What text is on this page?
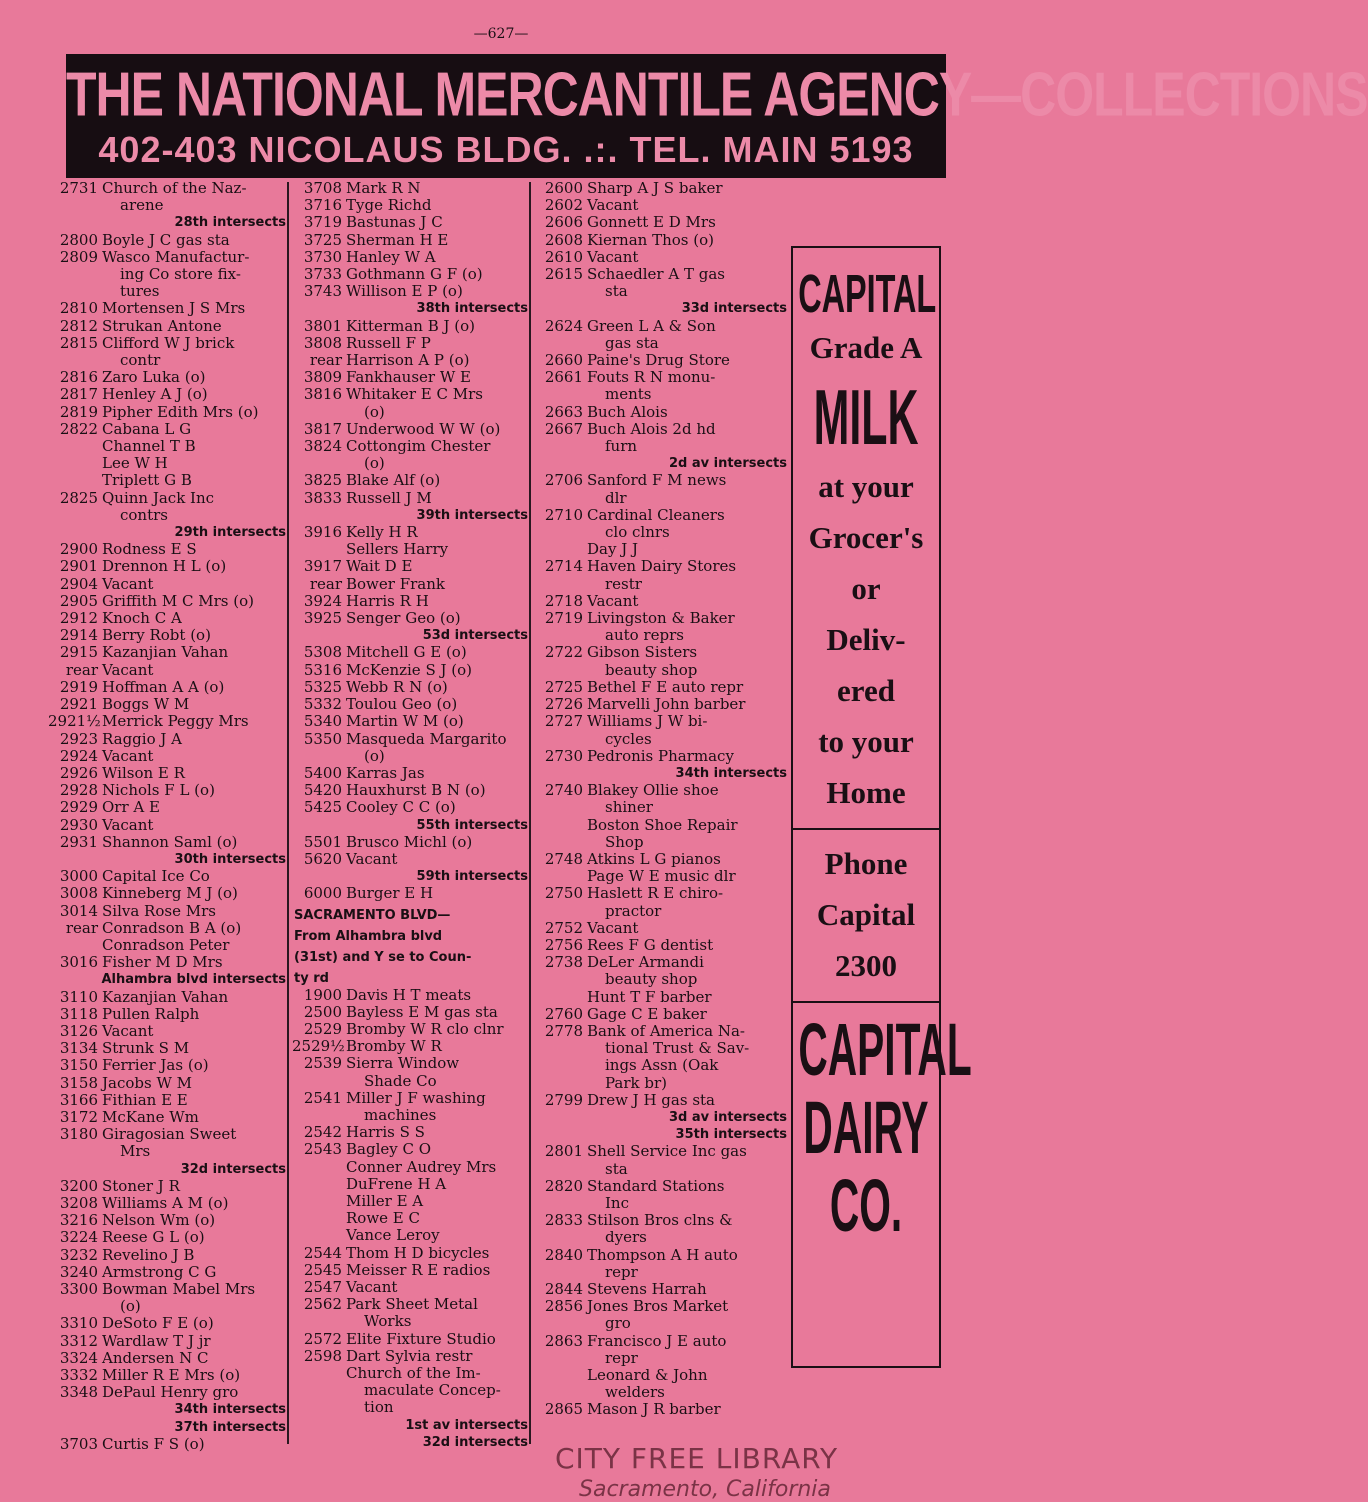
—627—
THE NATIONAL MERCANTILE AGENCY—COLLECTIONS
402-403 NICOLAUS BLDG. .:. TEL. MAIN 5193
2731 Church of the Naz-
arene
28th intersects
2800 Boyle J C gas sta
2809 Wasco Manufactur-
ing Co store fix-
tures
2810 Mortensen J S Mrs
2812 Strukan Antone
2815 Clifford W J brick
contr
2816 Zaro Luka (o)
2817 Henley A J (o)
2819 Pipher Edith Mrs (o)
2822 Cabana L G
Channel T B
Lee W H
Triplett G B
2825 Quinn Jack Inc
contrs
29th intersects
2900 Rodness E S
2901 Drennon H L (o)
2904 Vacant
2905 Griffith M C Mrs (o)
2912 Knoch C A
2914 Berry Robt (o)
2915 Kazanjian Vahan
rear Vacant
2919 Hoffman A A (o)
2921 Boggs W M
2921½ Merrick Peggy Mrs
2923 Raggio J A
2924 Vacant
2926 Wilson E R
2928 Nichols F L (o)
2929 Orr A E
2930 Vacant
2931 Shannon Saml (o)
30th intersects
3000 Capital Ice Co
3008 Kinneberg M J (o)
3014 Silva Rose Mrs
rear Conradson B A (o)
Conradson Peter
3016 Fisher M D Mrs
Alhambra blvd intersects
3110 Kazanjian Vahan
3118 Pullen Ralph
3126 Vacant
3134 Strunk S M
3150 Ferrier Jas (o)
3158 Jacobs W M
3166 Fithian E E
3172 McKane Wm
3180 Giragosian Sweet
Mrs
32d intersects
3200 Stoner J R
3208 Williams A M (o)
3216 Nelson Wm (o)
3224 Reese G L (o)
3232 Revelino J B
3240 Armstrong C G
3300 Bowman Mabel Mrs
(o)
3310 DeSoto F E (o)
3312 Wardlaw T J jr
3324 Andersen N C
3332 Miller R E Mrs (o)
3348 DePaul Henry gro
34th intersects
37th intersects
3703 Curtis F S (o)
3708 Mark R N
3716 Tyge Richd
3719 Bastunas J C
3725 Sherman H E
3730 Hanley W A
3733 Gothmann G F (o)
3743 Willison E P (o)
38th intersects
3801 Kitterman B J (o)
3808 Russell F P
rear Harrison A P (o)
3809 Fankhauser W E
3816 Whitaker E C Mrs
(o)
3817 Underwood W W (o)
3824 Cottongim Chester
(o)
3825 Blake Alf (o)
3833 Russell J M
39th intersects
3916 Kelly H R
Sellers Harry
3917 Wait D E
rear Bower Frank
3924 Harris R H
3925 Senger Geo (o)
53d intersects
5308 Mitchell G E (o)
5316 McKenzie S J (o)
5325 Webb R N (o)
5332 Toulou Geo (o)
5340 Martin W M (o)
5350 Masqueda Margarito
(o)
5400 Karras Jas
5420 Hauxhurst B N (o)
5425 Cooley C C (o)
55th intersects
5501 Brusco Michl (o)
5620 Vacant
59th intersects
6000 Burger E H
SACRAMENTO BLVD—
From Alhambra blvd
(31st) and Y se to Coun-
ty rd
1900 Davis H T meats
2500 Bayless E M gas sta
2529 Bromby W R clo clnr
2529½ Bromby W R
2539 Sierra Window
Shade Co
2541 Miller J F washing
machines
2542 Harris S S
2543 Bagley C O
Conner Audrey Mrs
DuFrene H A
Miller E A
Rowe E C
Vance Leroy
2544 Thom H D bicycles
2545 Meisser R E radios
2547 Vacant
2562 Park Sheet Metal
Works
2572 Elite Fixture Studio
2598 Dart Sylvia restr
Church of the Im-
maculate Concep-
tion
1st av intersects
32d intersects
2600 Sharp A J S baker
2602 Vacant
2606 Gonnett E D Mrs
2608 Kiernan Thos (o)
2610 Vacant
2615 Schaedler A T gas
sta
33d intersects
2624 Green L A & Son
gas sta
2660 Paine's Drug Store
2661 Fouts R N monu-
ments
2663 Buch Alois
2667 Buch Alois 2d hd
furn
2d av intersects
2706 Sanford F M news
dlr
2710 Cardinal Cleaners
clo clnrs
Day J J
2714 Haven Dairy Stores
restr
2718 Vacant
2719 Livingston & Baker
auto reprs
2722 Gibson Sisters
beauty shop
2725 Bethel F E auto repr
2726 Marvelli John barber
2727 Williams J W bi-
cycles
2730 Pedronis Pharmacy
34th intersects
2740 Blakey Ollie shoe
shiner
Boston Shoe Repair
Shop
2748 Atkins L G pianos
Page W E music dlr
2750 Haslett R E chiro-
practor
2752 Vacant
2756 Rees F G dentist
2738 DeLer Armandi
beauty shop
Hunt T F barber
2760 Gage C E baker
2778 Bank of America Na-
tional Trust & Sav-
ings Assn (Oak
Park br)
2799 Drew J H gas sta
3d av intersects
35th intersects
2801 Shell Service Inc gas
sta
2820 Standard Stations
Inc
2833 Stilson Bros clns &
dyers
2840 Thompson A H auto
repr
2844 Stevens Harrah
2856 Jones Bros Market
gro
2863 Francisco J E auto
repr
Leonard & John
welders
2865 Mason J R barber
CAPITAL
Grade A
MILK
at your
Grocer's
or
Deliv-
ered
to your
Home
Phone
Capital
2300
CAPITAL
DAIRY
CO.
CITY FREE LIBRARY
Sacramento, California
